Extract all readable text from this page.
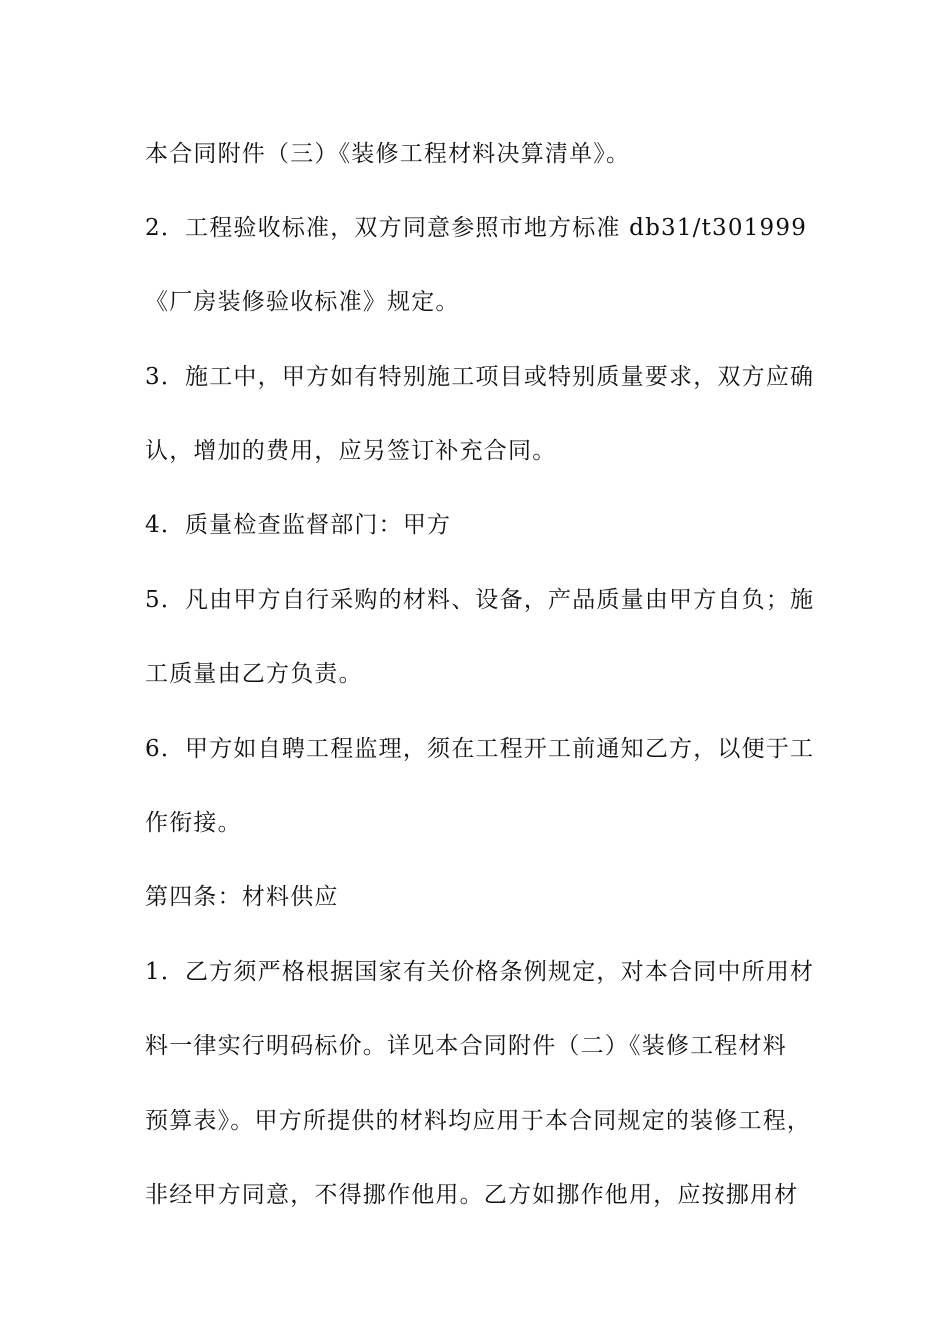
本合同附件（三）《装修工程材料决算清单》。
2．工程验收标准，双方同意参照市地方标准 db31/t301999
《厂房装修验收标准》规定。
3．施工中，甲方如有特别施工项目或特别质量要求，双方应确
认，增加的费用，应另签订补充合同。
4．质量检查监督部门：甲方
5．凡由甲方自行采购的材料、设备，产品质量由甲方自负；施
工质量由乙方负责。
6．甲方如自聘工程监理，须在工程开工前通知乙方，以便于工
作衔接。
第四条：材料供应
1．乙方须严格根据国家有关价格条例规定，对本合同中所用材
料一律实行明码标价。详见本合同附件（二）《装修工程材料
预算表》。甲方所提供的材料均应用于本合同规定的装修工程，
非经甲方同意，不得挪作他用。乙方如挪作他用，应按挪用材
